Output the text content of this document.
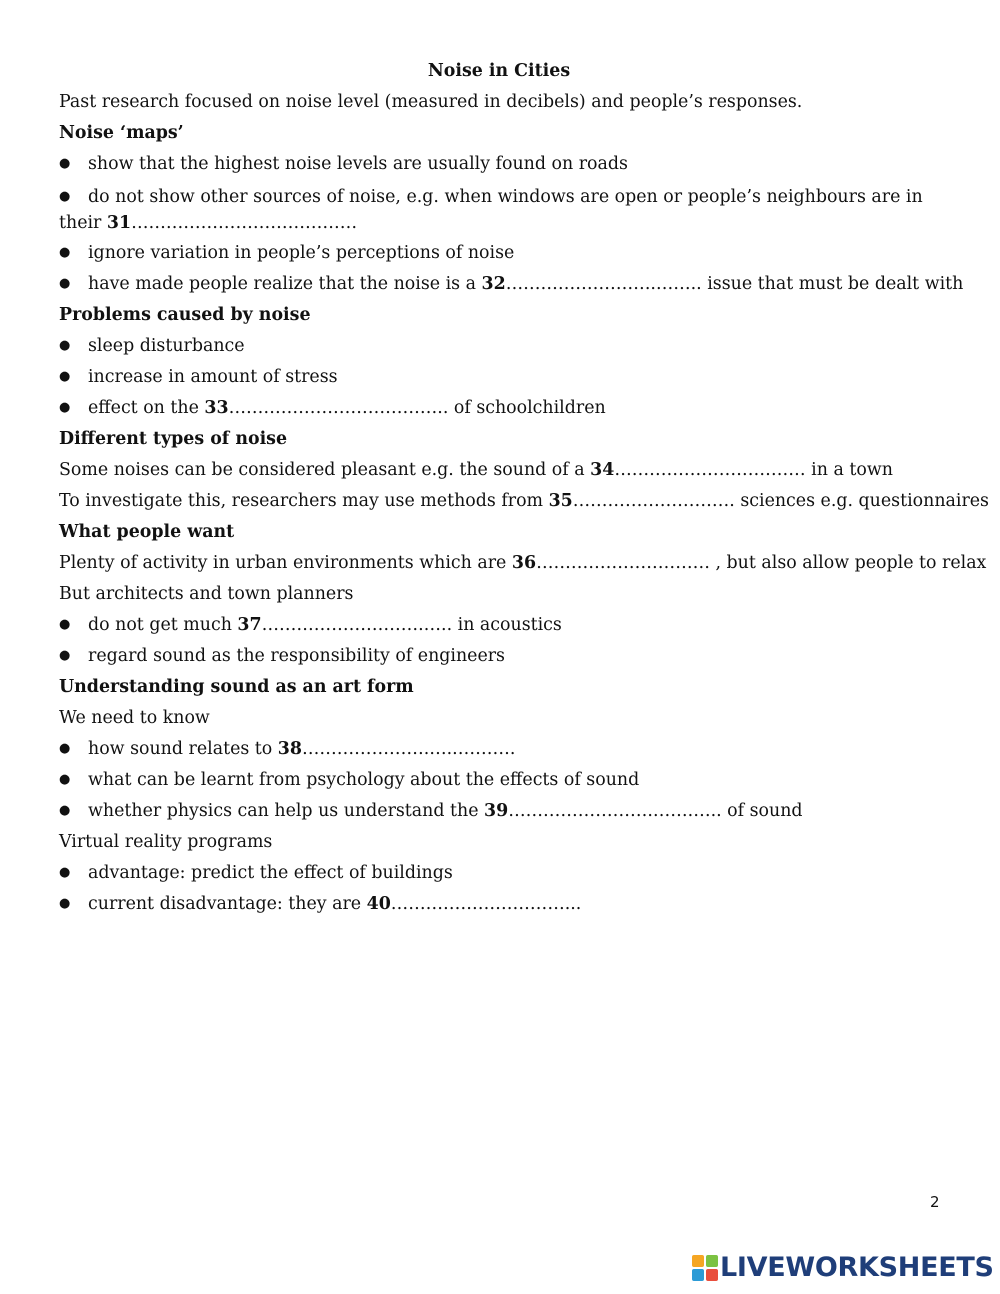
Noise in Cities
Past research focused on noise level (measured in decibels) and people’s responses.
Noise ‘maps’
● show that the highest noise levels are usually found on roads
● do not show other sources of noise, e.g. when windows are open or people’s neighbours are in their 31…………………………………
● ignore variation in people’s perceptions of noise
● have made people realize that the noise is a 32……………………..…….. issue that must be dealt with
Problems caused by noise
● sleep disturbance
● increase in amount of stress
● effect on the 33……………………………….. of schoolchildren
Different types of noise
Some noises can be considered pleasant e.g. the sound of a 34…………………………… in a town
To investigate this, researchers may use methods from 35………………………. sciences e.g. questionnaires
What people want
Plenty of activity in urban environments which are 36………………………… , but also allow people to relax
But architects and town planners
● do not get much 37……………………….….. in acoustics
● regard sound as the responsibility of engineers
Understanding sound as an art form
We need to know
● how sound relates to 38………………….…..……….
● what can be learnt from psychology about the effects of sound
● whether physics can help us understand the 39…………………….…….….. of sound
Virtual reality programs
● advantage: predict the effect of buildings
● current disadvantage: they are 40…………………………...
2
LIVEWORKSHEETS
